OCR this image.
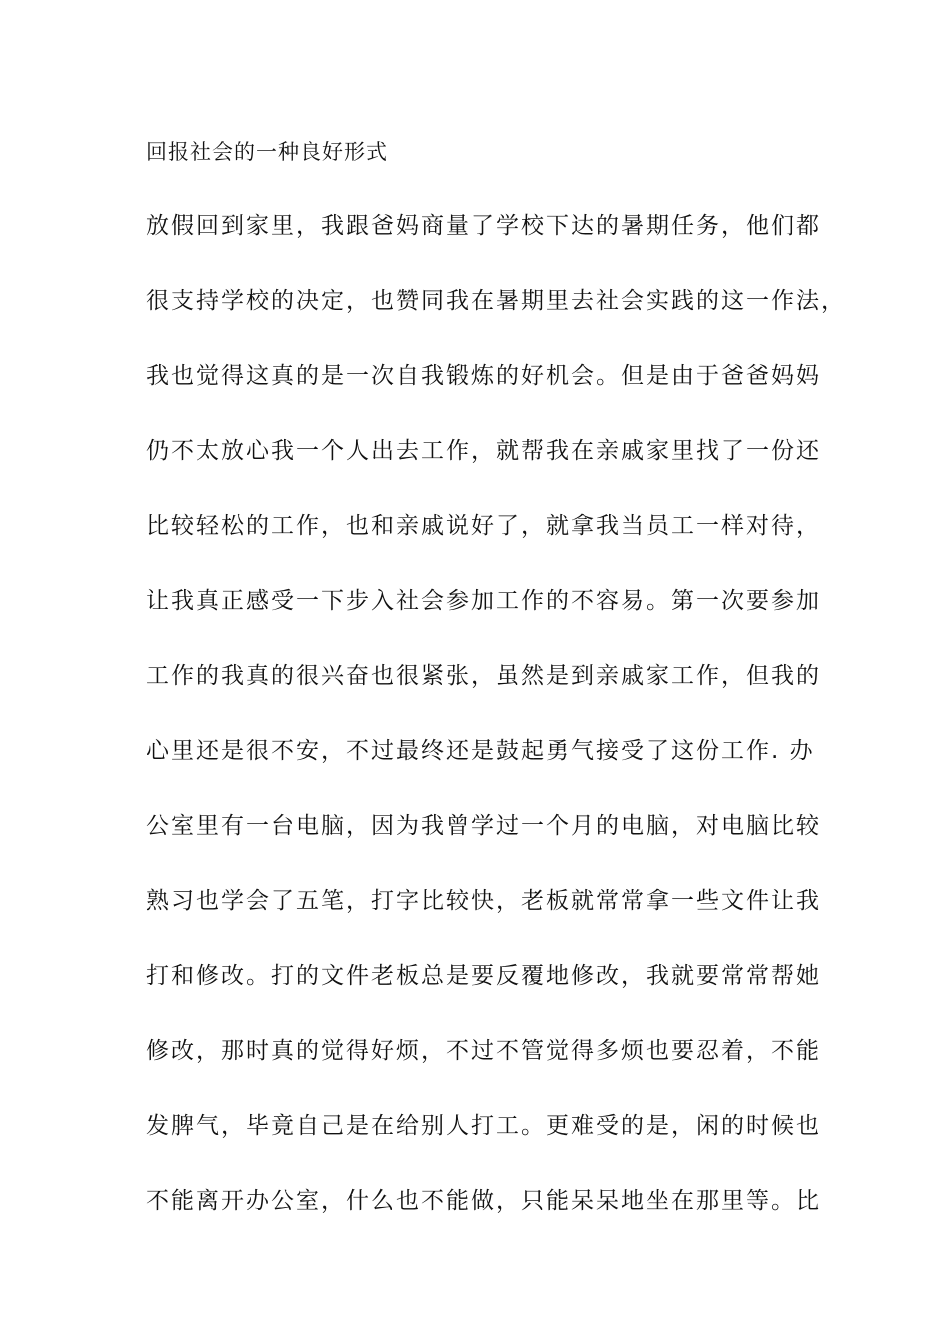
回报社会的一种良好形式
放假回到家里，我跟爸妈商量了学校下达的暑期任务，他们都
很支持学校的决定，也赞同我在暑期里去社会实践的这一作法，
我也觉得这真的是一次自我锻炼的好机会。但是由于爸爸妈妈
仍不太放心我一个人出去工作，就帮我在亲戚家里找了一份还
比较轻松的工作，也和亲戚说好了，就拿我当员工一样对待，
让我真正感受一下步入社会参加工作的不容易。第一次要参加
工作的我真的很兴奋也很紧张，虽然是到亲戚家工作，但我的
心里还是很不安，不过最终还是鼓起勇气接受了这份工作. 办
公室里有一台电脑，因为我曾学过一个月的电脑，对电脑比较
熟习也学会了五笔，打字比较快，老板就常常拿一些文件让我
打和修改。打的文件老板总是要反覆地修改，我就要常常帮她
修改，那时真的觉得好烦，不过不管觉得多烦也要忍着，不能
发脾气，毕竟自己是在给别人打工。更难受的是，闲的时候也
不能离开办公室，什么也不能做，只能呆呆地坐在那里等。比
